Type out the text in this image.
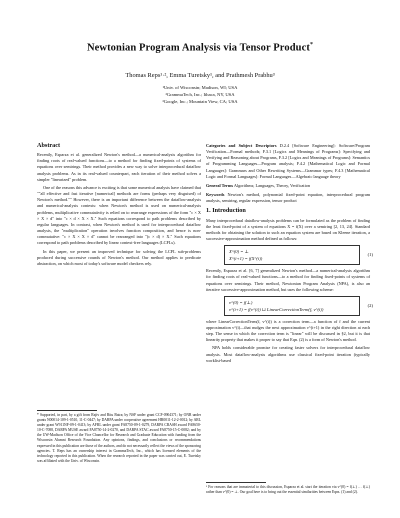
Newtonian Program Analysis via Tensor Product*
Thomas Reps¹·², Emma Turetsky¹, and Prathmesh Prabhu³
¹Univ. of Wisconsin; Madison, WI; USA
²GrammaTech, Inc.; Ithaca, NY, USA
³Google, Inc.; Mountain View, CA; USA
Abstract

Recently, Esparza et al. generalized Newton's method—a numerical-analysis algorithm for finding roots of real-valued functions—to a method for finding fixed-points of systems of equations over semirings. Their method provides a new way to solve interprocedural dataflow analysis problems. As in its real-valued counterpart, each iteration of their method solves a simpler "linearized" problem.

One of the reasons this advance is exciting is that some numerical analysts have claimed that ""all effective and fast iterative [numerical] methods are forms (perhaps very disguised) of Newton's method."" However, there is an important difference between the dataflow-analysis and numerical-analysis contexts: when Newton's method is used on numerical-analysis problems, multiplicative commutativity is relied on to rearrange expressions of the form "c × X × X × d" into "c × d × X × X." Such equations correspond to path problems described by regular languages. In contrast, when Newton's method is used for interprocedural dataflow analysis, the "multiplication" operation involves function composition, and hence is non-commutative: "c × X × X × d" cannot be rearranged into "(c × d) × X." Such equations correspond to path problems described by linear context-free languages (LCFLs).

In this paper, we present an improved technique for solving the LCFL sub-problems produced during successive rounds of Newton's method. Our method applies to predicate abstraction, on which most of today's software model checkers rely.

* Supported, in part, by a gift from Rajiv and Ritu Batra; by NSF under grant CCF-0904371; by ONR under grants N00014-109-1-0510, 11-C-0447; by DARPA under cooperative agreement HR0011-12-2-0012; by ARL under grant W911NF-09-1-0413; by AFRL under grant FA8750-09-1-0279, DARPA CRASH award FA8650-10-C-7088, DARPA MUSE award FA8750-14-2-0270, and DARPA STAC award FA8750-15-C-0082; and by the UW-Madison Office of the Vice Chancellor for Research and Graduate Education with funding from the Wisconsin Alumni Research Foundation. Any opinions, findings, and conclusions or recommendations expressed in this publication are those of the authors, and do not necessarily reflect the views of the sponsoring agencies. T. Reps has an ownership interest in GrammaTech, Inc., which has licensed elements of the technology reported in this publication. When the research reported in the paper was carried out, E. Turetsky was affiliated with the Univ. of Wisconsin.
Categories and Subject Descriptors D.2.4 [Software Engineering]: Software/Program Verification—Formal methods; F.3.1 [Logics and Meanings of Programs]: Specifying and Verifying and Reasoning about Programs, F.3.2 [Logics and Meanings of Programs]: Semantics of Programming Languages—Program analysis; F.4.2 [Mathematical Logic and Formal Languages]: Grammars and Other Rewriting Systems—Grammar types; F.4.3 [Mathematical Logic and Formal Languages]: Formal Languages—Algebraic language theory
General Terms Algorithms; Languages, Theory, Verification
Keywords Newton's method, polynomial fixed-point equation, interprocedural program analysis, semiring, regular expression, tensor product
1. Introduction

Many interprocedural dataflow-analysis problems can be formulated as the problem of finding the least fixed-point of a system of equations X = f(X) over a semiring [2, 13, 24]. Standard methods for obtaining the solution to such an equation system are based on Kleene iteration, a successive-approximation method defined as follows:

X^(0) = ⊥
X^(i+1) = f(X^(i))
(1)

Recently, Esparza et al. [6, 7] generalized Newton's method—a numerical-analysis algorithm for finding roots of real-valued functions—to a method for finding fixed-points of systems of equations over semirings. Their method, Newtonian Program Analysis (NPA), is also an iterative successive-approximation method, but uses the following scheme:

ν^(0) = f(⊥)
ν^(i+1) = f(ν^(i)) ⊔ LinearCorrectionTerm(f, ν^(i))
(2)

where LinearCorrectionTerm(f, ν^(i)) is a correction term—a function of f and the current approximation ν^(i)—that nudges the next approximation ν^(i+1) in the right direction at each step. The sense in which the correction term is "linear" will be discussed in §2, but it is that linearity property that makes it proper to say that Eqn. (2) is a form of Newton's method.

NPA holds considerable promise for creating faster solvers for interprocedural dataflow analysis. Most dataflow-analysis algorithms use classical fixed-point iteration (typically worklist-based

¹ For reasons that are immaterial to this discussion, Esparza et al. start the iteration via ν^(0) = f(⊥) … f(⊥) rather than ν^(0) = ⊥. Our goal here is to bring out the essential similarities between Eqns. (1) and (2).
